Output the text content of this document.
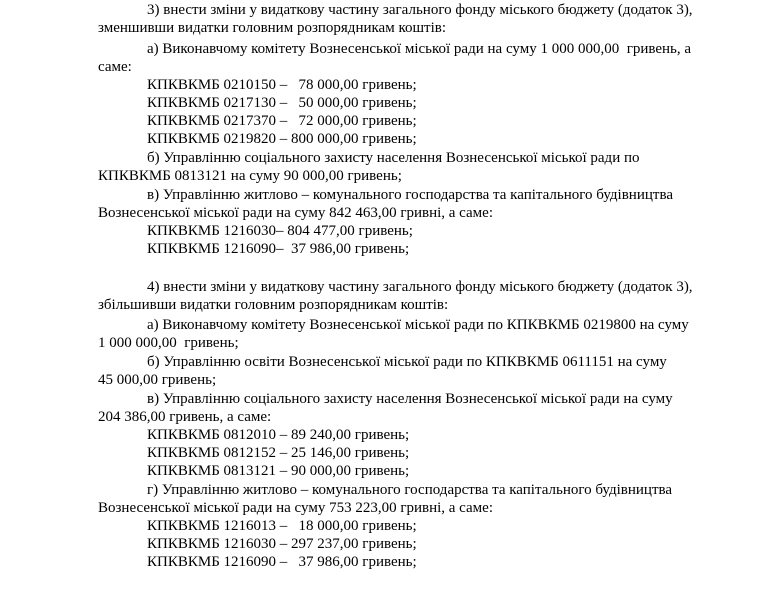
3) внести зміни у видаткову частину загального фонду міського бюджету (додаток 3),
зменшивши видатки головним розпорядникам коштів:
а) Виконавчому комітету Вознесенської міської ради на суму 1 000 000,00  гривень, а
саме:
КПКВКМБ 0210150 –   78 000,00 гривень;
КПКВКМБ 0217130 –   50 000,00 гривень;
КПКВКМБ 0217370 –   72 000,00 гривень;
КПКВКМБ 0219820 – 800 000,00 гривень;
б) Управлінню соціального захисту населення Вознесенської міської ради по
КПКВКМБ 0813121 на суму 90 000,00 гривень;
в) Управлінню житлово – комунального господарства та капітального будівництва
Вознесенської міської ради на суму 842 463,00 гривні, а саме:
КПКВКМБ 1216030– 804 477,00 гривень;
КПКВКМБ 1216090–  37 986,00 гривень;
4) внести зміни у видаткову частину загального фонду міського бюджету (додаток 3),
збільшивши видатки головним розпорядникам коштів:
а) Виконавчому комітету Вознесенської міської ради по КПКВКМБ 0219800 на суму
1 000 000,00  гривень;
б) Управлінню освіти Вознесенської міської ради по КПКВКМБ 0611151 на суму
45 000,00 гривень;
в) Управлінню соціального захисту населення Вознесенської міської ради на суму
204 386,00 гривень, а саме:
КПКВКМБ 0812010 – 89 240,00 гривень;
КПКВКМБ 0812152 – 25 146,00 гривень;
КПКВКМБ 0813121 – 90 000,00 гривень;
г) Управлінню житлово – комунального господарства та капітального будівництва
Вознесенської міської ради на суму 753 223,00 гривні, а саме:
КПКВКМБ 1216013 –   18 000,00 гривень;
КПКВКМБ 1216030 – 297 237,00 гривень;
КПКВКМБ 1216090 –   37 986,00 гривень;
